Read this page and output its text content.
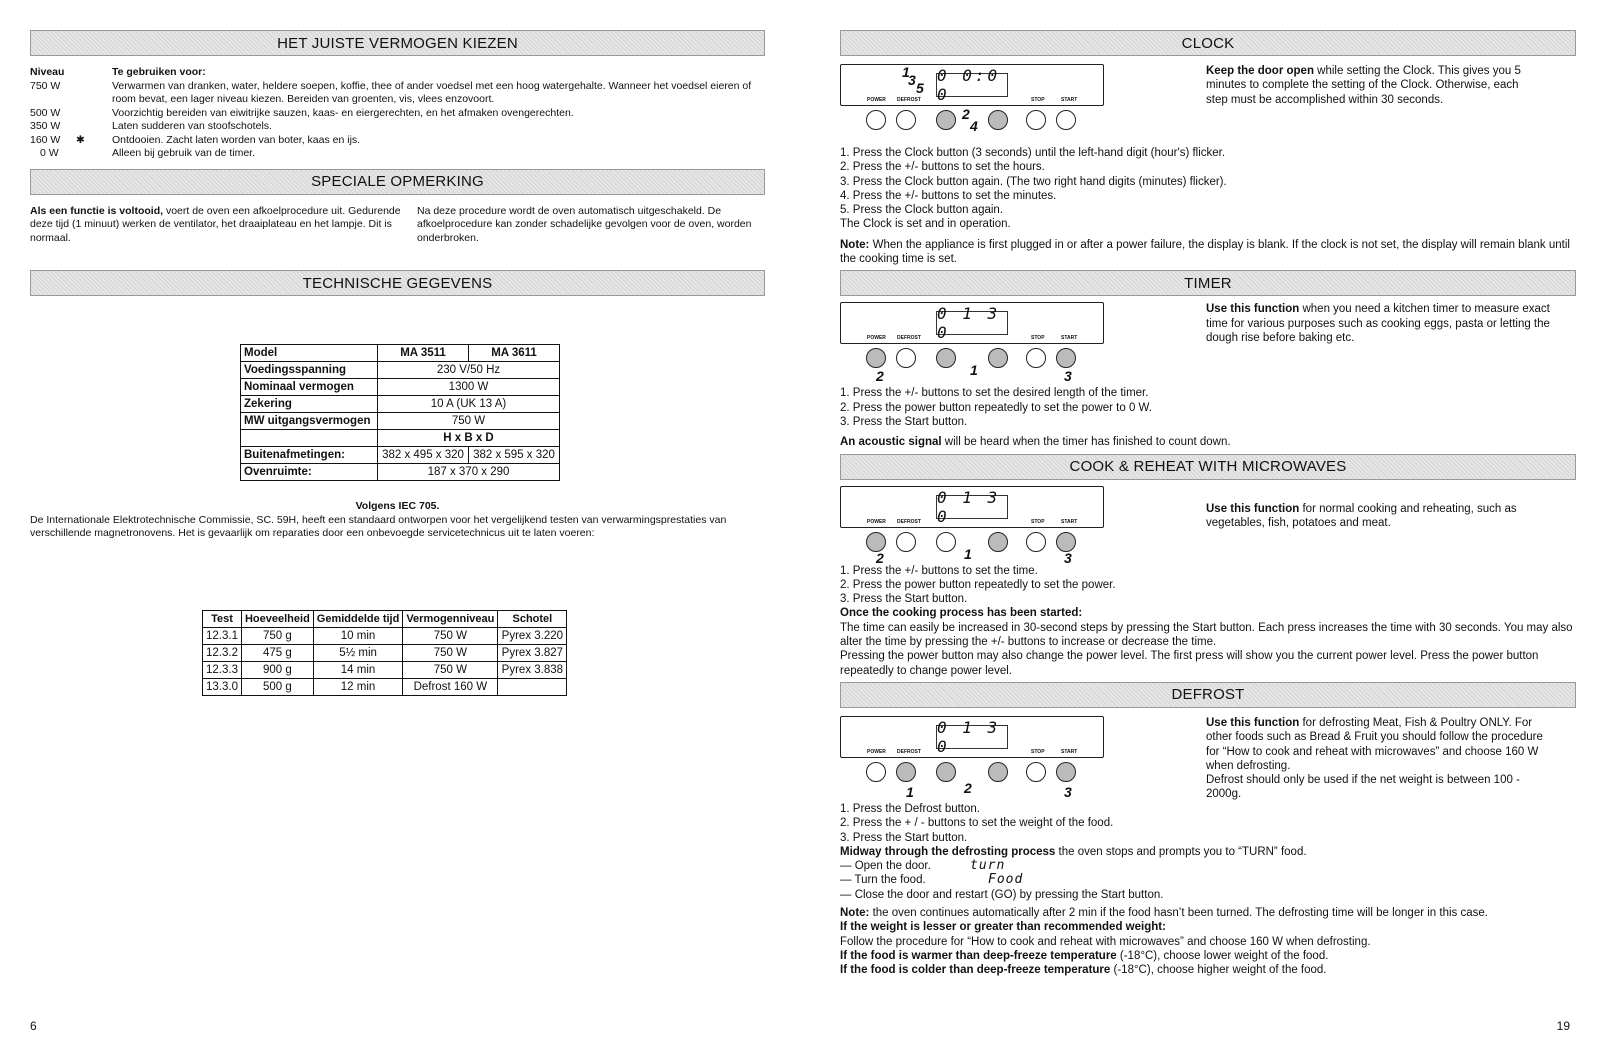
HET JUISTE VERMOGEN KIEZEN
Niveau	Te gebruiken voor:
750 W	Verwarmen van dranken, water, heldere soepen, koffie, thee of ander voedsel met een hoog watergehalte. Wanneer het voedsel eieren of room bevat, een lager niveau kiezen. Bereiden van groenten, vis, vlees enzovoort.
500 W	Voorzichtig bereiden van eiwitrijke sauzen, kaas- en eiergerechten, en het afmaken ovengerechten.
350 W	Laten sudderen van stoofschotels.
160 W ✱	Ontdooien. Zacht laten worden van boter, kaas en ijs.
0 W	Alleen bij gebruik van de timer.
SPECIALE OPMERKING
Als een functie is voltooid, voert de oven een afkoelprocedure uit. Gedurende deze tijd (1 minuut) werken de ventilator, het draaiplateau en het lampje. Dit is normaal.
Na deze procedure wordt de oven automatisch uitgeschakeld. De afkoelprocedure kan zonder schadelijke gevolgen voor de oven, worden onderbroken.
TECHNISCHE GEGEVENS
Model	MA 3511	MA 3611
Voedingsspanning	230 V/50 Hz	
Nominaal vermogen	1300 W	
Zekering	10 A (UK 13 A)	
MW uitgangsvermogen	750 W	
	H x B x D	
Buitenafmetingen:	382 x 495 x 320	382 x 595 x 320
Ovenruimte:	187 x 370 x 290	
Volgens IEC 705.
De Internationale Elektrotechnische Commissie, SC. 59H, heeft een standaard ontworpen voor het vergelijkend testen van verwarmingsprestaties van verschillende magnetronovens. Het is gevaarlijk om reparaties door een onbevoegde servicetechnicus uit te laten voeren:
Test	Hoeveelheid	Gemiddelde tijd	Vermogenniveau	Schotel
12.3.1	750 g	10 min	750 W	Pyrex 3.220
12.3.2	475 g	5½ min	750 W	Pyrex 3.827
12.3.3	900 g	14 min	750 W	Pyrex 3.838
13.3.0	500 g	12 min	Defrost 160 W	
6
CLOCK
0 0:0 0
POWER DEFROST	STOP	START
2
4
1
3 5
Keep the door open while setting the Clock. This gives you 5 minutes to complete the setting of the Clock. Otherwise, each step must be accomplished within 30 seconds.
1. Press the Clock button (3 seconds) until the left-hand digit (hour's) flicker.
2. Press the +/- buttons to set the hours.
3. Press the Clock button again. (The two right hand digits (minutes) flicker).
4. Press the +/- buttons to set the minutes.
5. Press the Clock button again.
The Clock is set and in operation.
Note: When the appliance is first plugged in or after a power failure, the display is blank. If the clock is not set, the display will remain blank until the cooking time is set.
TIMER
0 1 3 0
POWER DEFROST	STOP	START
2	1	3
Use this function when you need a kitchen timer to measure exact time for various purposes such as cooking eggs, pasta or letting the dough rise before baking etc.
1. Press the +/- buttons to set the desired length of the timer.
2. Press the power button repeatedly to set the power to 0 W.
3. Press the Start button.
An acoustic signal will be heard when the timer has finished to count down.
COOK & REHEAT WITH MICROWAVES
0 1 3 0
POWER DEFROST	STOP	START
2	1	3
Use this function for normal cooking and reheating, such as vegetables, fish, potatoes and meat.
1. Press the +/- buttons to set the time.
2. Press the power button repeatedly to set the power.
3. Press the Start button.
Once the cooking process has been started:
The time can easily be increased in 30-second steps by pressing the Start button. Each press increases the time with 30 seconds. You may also alter the time by pressing the +/- buttons to increase or decrease the time.
Pressing the power button may also change the power level. The first press will show you the current power level. Press the power button repeatedly to change power level.
DEFROST
0 1 3 0
POWER DEFROST	STOP	START
1	2	3
Use this function for defrosting Meat, Fish & Poultry ONLY. For other foods such as Bread & Fruit you should follow the procedure for “How to cook and reheat with microwaves” and choose 160 W when defrosting.
Defrost should only be used if the net weight is between 100 - 2000g.
1. Press the Defrost button.
2. Press the + / - buttons to set the weight of the food.
3. Press the Start button.
Midway through the defrosting process the oven stops and prompts you to “TURN” food.
— Open the door.	turn
— Turn the food.	Food
— Close the door and restart (GO) by pressing the Start button.
Note: the oven continues automatically after 2 min if the food hasn’t been turned. The defrosting time will be longer in this case.
If the weight is lesser or greater than recommended weight:
Follow the procedure for “How to cook and reheat with microwaves” and choose 160 W when defrosting.
If the food is warmer than deep-freeze temperature (-18°C), choose lower weight of the food.
If the food is colder than deep-freeze temperature (-18°C), choose higher weight of the food.
19
